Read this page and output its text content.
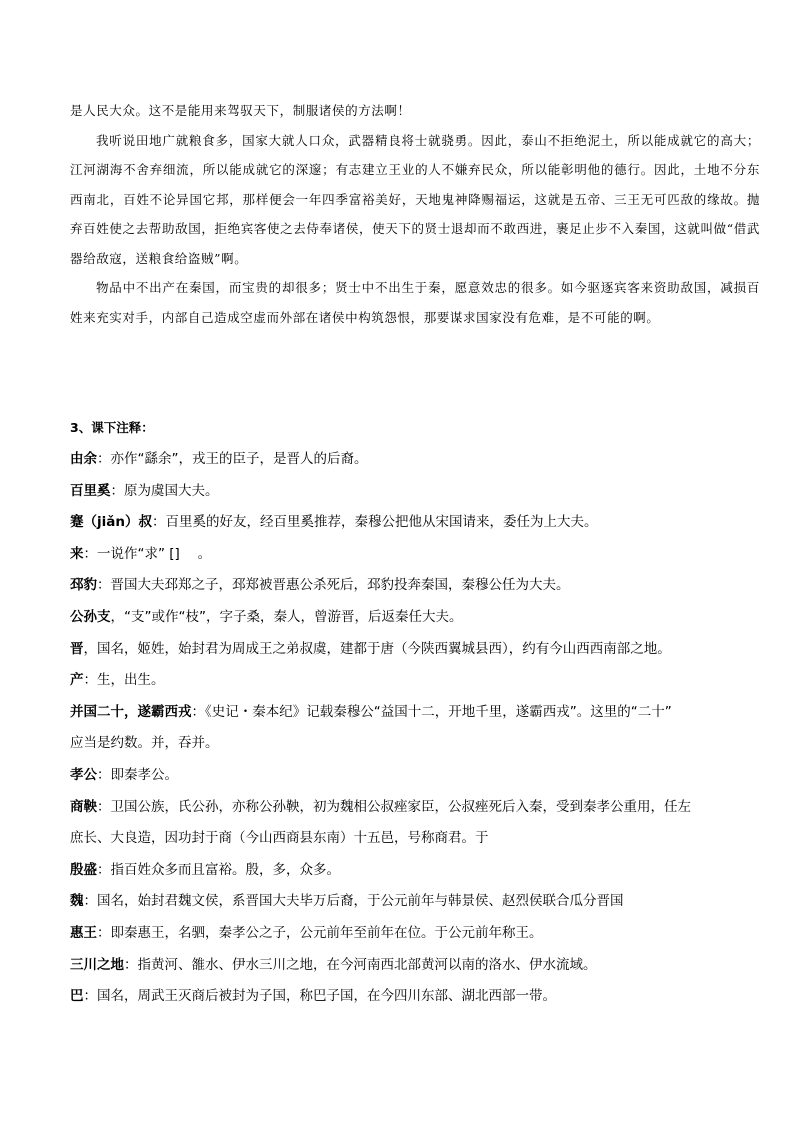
是人民大众。这不是能用来驾驭天下，制服诸侯的方法啊！

我听说田地广就粮食多，国家大就人口众，武器精良将士就骁勇。因此，泰山不拒绝泥土，所以能成就它的高大；江河湖海不舍弃细流，所以能成就它的深邃；有志建立王业的人不嫌弃民众，所以能彰明他的德行。因此，土地不分东西南北，百姓不论异国它邦，那样便会一年四季富裕美好，天地鬼神降赐福运，这就是五帝、三王无可匹敌的缘故。抛弃百姓使之去帮助敌国，拒绝宾客使之去侍奉诸侯，使天下的贤士退却而不敢西进，裹足止步不入秦国，这就叫做“借武器给敌寇，送粮食给盗贼”啊。

物品中不出产在秦国，而宝贵的却很多；贤士中不出生于秦，愿意效忠的很多。如今驱逐宾客来资助敌国，减损百姓来充实对手，内部自己造成空虚而外部在诸侯中构筑怨恨，那要谋求国家没有危难，是不可能的啊。

3、课下注释：

由余：亦作“繇余”，戎王的臣子，是晋人的后裔。

百里奚：原为虞国大夫。

蹇（jiǎn）叔：百里奚的好友，经百里奚推荐，秦穆公把他从宋国请来，委任为上大夫。

来：一说作“求” []　 。

邳豹：晋国大夫邳郑之子，邳郑被晋惠公杀死后，邳豹投奔秦国，秦穆公任为大夫。

公孙支，“支”或作“枝”，字子桑，秦人，曾游晋，后返秦任大夫。

晋，国名，姬姓，始封君为周成王之弟叔虞，建都于唐（今陕西翼城县西），约有今山西西南部之地。

产：生，出生。

并国二十，遂霸西戎：《史记・秦本纪》记载秦穆公“益国十二，开地千里，遂霸西戎”。这里的“二十”
应当是约数。并，吞并。

孝公：即秦孝公。

商鞅：卫国公族，氏公孙，亦称公孙鞅，初为魏相公叔痤家臣，公叔痤死后入秦，受到秦孝公重用，任左
庶长、大良造，因功封于商（今山西商县东南）十五邑，号称商君。于

殷盛：指百姓众多而且富裕。殷，多，众多。

魏：国名，始封君魏文侯，系晋国大夫毕万后裔，于公元前年与韩景侯、赵烈侯联合瓜分晋国

惠王：即秦惠王，名驷，秦孝公之子，公元前年至前年在位。于公元前年称王。

三川之地：指黄河、雒水、伊水三川之地，在今河南西北部黄河以南的洛水、伊水流域。

巴：国名，周武王灭商后被封为子国，称巴子国，在今四川东部、湖北西部一带。
